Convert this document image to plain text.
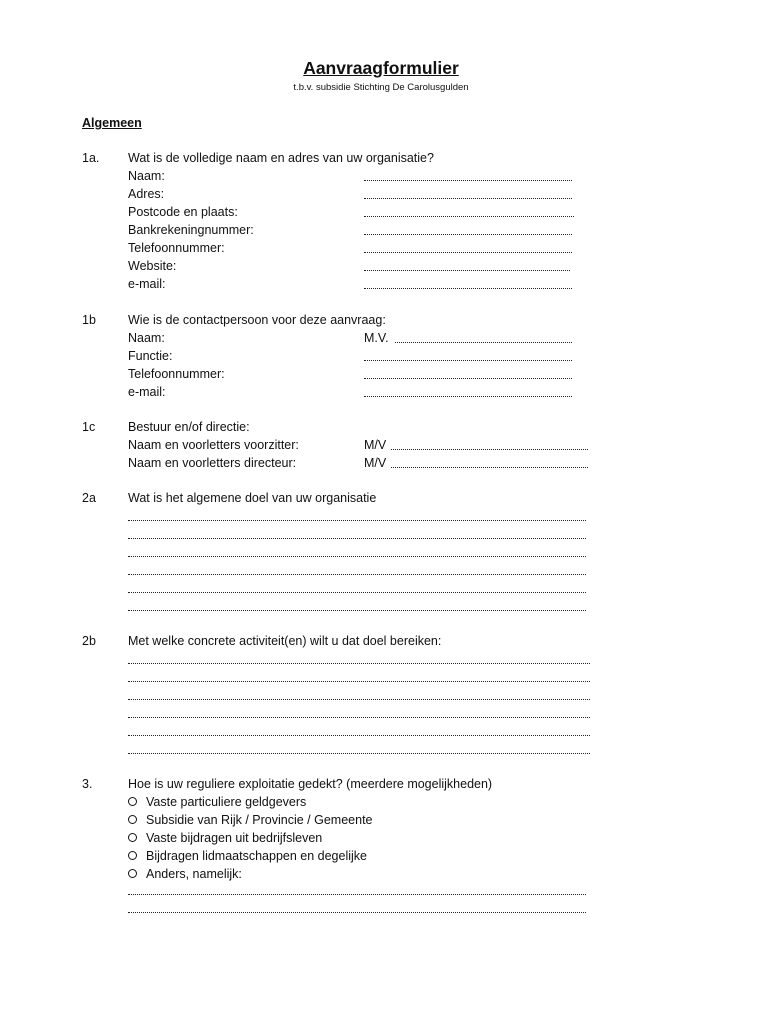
Aanvraagformulier
t.b.v. subsidie Stichting De Carolusgulden
Algemeen
1a. Wat is de volledige naam en adres van uw organisatie?
Naam:
Adres:
Postcode en plaats:
Bankrekeningnummer:
Telefoonnummer:
Website:
e-mail:
1b	Wie is de contactpersoon voor deze aanvraag:
Naam:	M.V.
Functie:
Telefoonnummer:
e-mail:
1c	Bestuur en/of directie:
Naam en voorletters voorzitter:	M/V
Naam en voorletters directeur:	M/V
2a	Wat is het algemene doel van uw organisatie
2b	Met welke concrete activiteit(en) wilt u dat doel bereiken:
3.	Hoe is uw reguliere exploitatie gedekt? (meerdere mogelijkheden)
Vaste particuliere geldgevers
Subsidie van Rijk / Provincie / Gemeente
Vaste bijdragen uit bedrijfsleven
Bijdragen lidmaatschappen en degelijke
Anders, namelijk:
